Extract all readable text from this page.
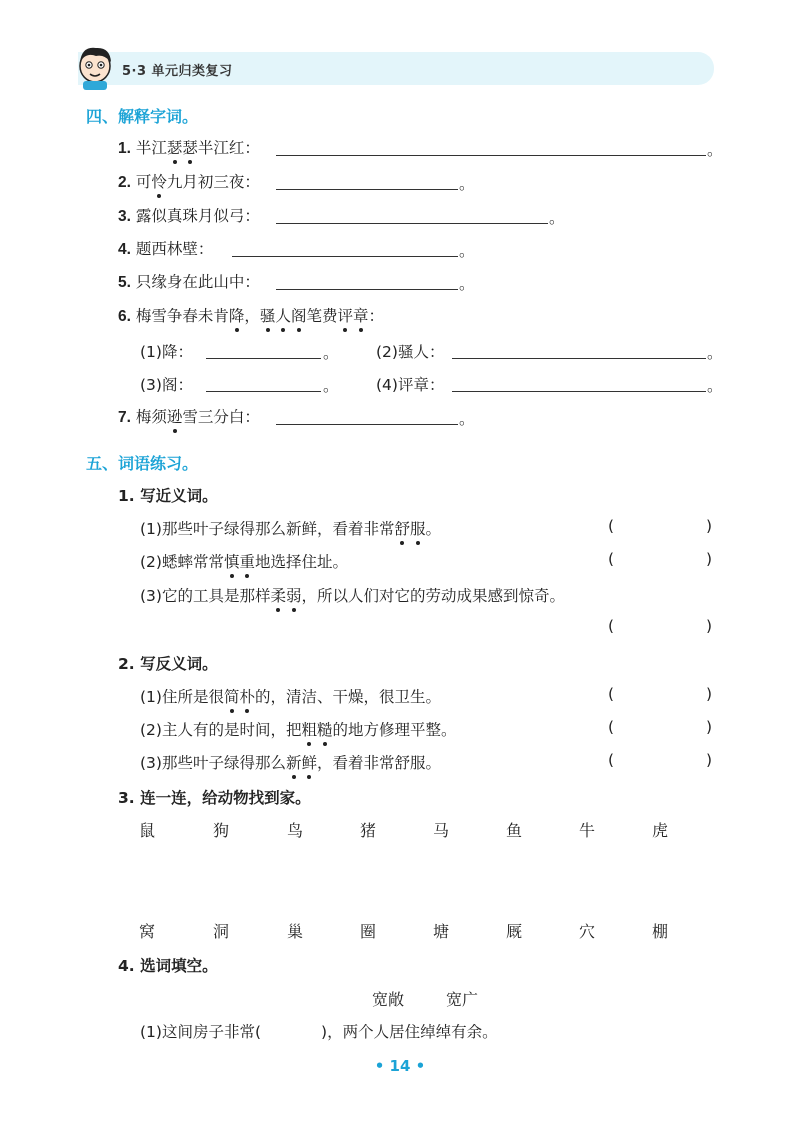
5·3 单元归类复习
四、解释字词。
1. 半江瑟瑟半江红：	。
2. 可怜九月初三夜：	。
3. 露似真珠月似弓：	。
4. 题西林壁：	。
5. 只缘身在此山中：	。
6. 梅雪争春未肯降，骚人阁笔费评章：
(1)降：	。 (2)骚人：	。
(3)阁：	。 (4)评章：	。
7. 梅须逊雪三分白：	。
五、词语练习。
1. 写近义词。
(1)那些叶子绿得那么新鲜，看着非常舒服。	(	)
(2)蟋蟀常常慎重地选择住址。	(	)
(3)它的工具是那样柔弱，所以人们对它的劳动成果感到惊奇。
(	)
2. 写反义词。
(1)住所是很简朴的，清洁、干燥，很卫生。	(	)
(2)主人有的是时间，把粗糙的地方修理平整。	(	)
(3)那些叶子绿得那么新鲜，看着非常舒服。	(	)
3. 连一连，给动物找到家。
鼠	狗	鸟	猪	马	鱼	牛	虎
窝	洞	巢	圈	塘	厩	穴	棚
4. 选词填空。
宽敞	宽广
(1)这间房子非常(	)，两个人居住绰绰有余。
• 14 •
